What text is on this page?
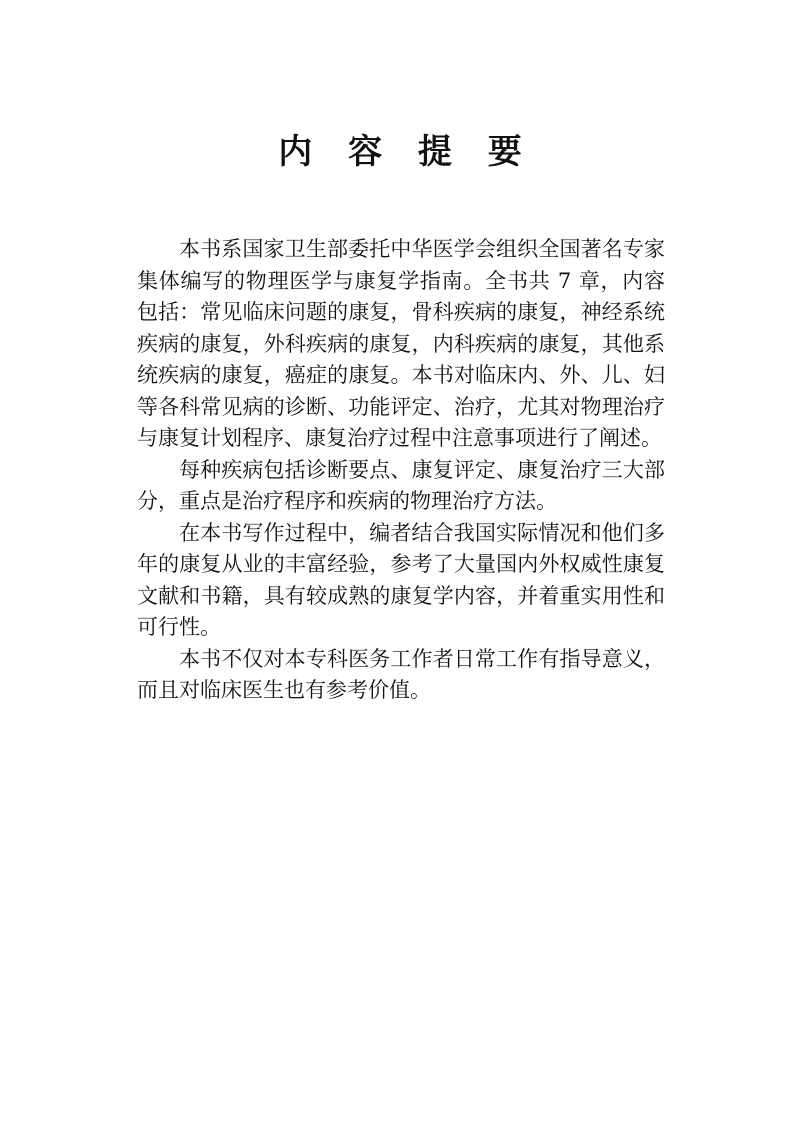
内 容 提 要

本书系国家卫生部委托中华医学会组织全国著名专家集体编写的物理医学与康复学指南。全书共 7 章，内容包括：常见临床问题的康复，骨科疾病的康复，神经系统疾病的康复，外科疾病的康复，内科疾病的康复，其他系统疾病的康复，癌症的康复。本书对临床内、外、儿、妇等各科常见病的诊断、功能评定、治疗，尤其对物理治疗与康复计划程序、康复治疗过程中注意事项进行了阐述。

每种疾病包括诊断要点、康复评定、康复治疗三大部分，重点是治疗程序和疾病的物理治疗方法。

在本书写作过程中，编者结合我国实际情况和他们多年的康复从业的丰富经验，参考了大量国内外权威性康复文献和书籍，具有较成熟的康复学内容，并着重实用性和可行性。

本书不仅对本专科医务工作者日常工作有指导意义，而且对临床医生也有参考价值。
